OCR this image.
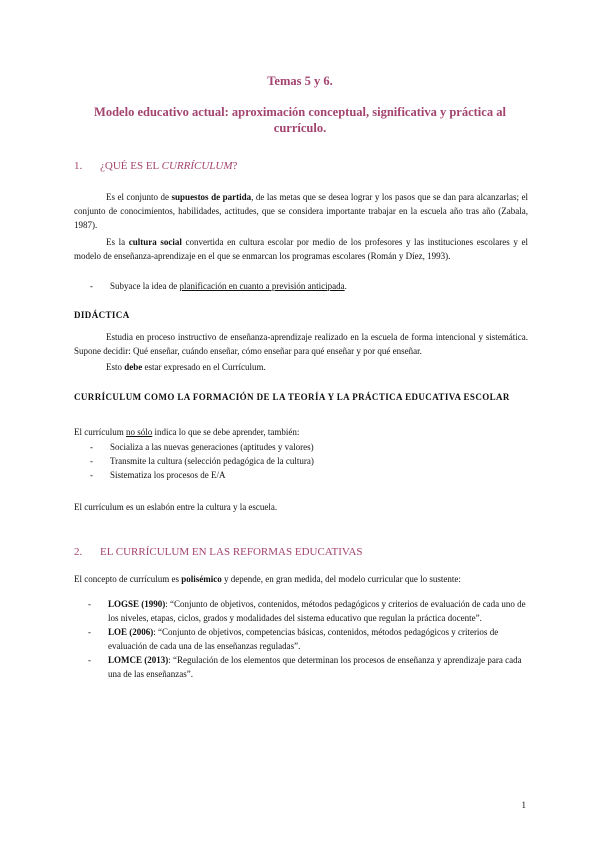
Temas 5 y 6.
Modelo educativo actual: aproximación conceptual, significativa y práctica al currículo.
1. ¿QUÉ ES EL CURRÍCULUM?
Es el conjunto de supuestos de partida, de las metas que se desea lograr y los pasos que se dan para alcanzarlas; el conjunto de conocimientos, habilidades, actitudes, que se considera importante trabajar en la escuela año tras año (Zabala, 1987).
Es la cultura social convertida en cultura escolar por medio de los profesores y las instituciones escolares y el modelo de enseñanza-aprendizaje en el que se enmarcan los programas escolares (Román y Díez, 1993).
- Subyace la idea de planificación en cuanto a previsión anticipada.
DIDÁCTICA
Estudia en proceso instructivo de enseñanza-aprendizaje realizado en la escuela de forma intencional y sistemática. Supone decidir: Qué enseñar, cuándo enseñar, cómo enseñar para qué enseñar y por qué enseñar.
Esto debe estar expresado en el Currículum.
CURRÍCULUM COMO LA FORMACIÓN DE LA TEORÍA Y LA PRÁCTICA EDUCATIVA ESCOLAR
El currículum no sólo indica lo que se debe aprender, también:
- Socializa a las nuevas generaciones (aptitudes y valores)
- Transmite la cultura (selección pedagógica de la cultura)
- Sistematiza los procesos de E/A
El currículum es un eslabón entre la cultura y la escuela.
2. EL CURRÍCULUM EN LAS REFORMAS EDUCATIVAS
El concepto de currículum es polisémico y depende, en gran medida, del modelo curricular que lo sustente:
- LOGSE (1990): “Conjunto de objetivos, contenidos, métodos pedagógicos y criterios de evaluación de cada uno de los niveles, etapas, ciclos, grados y modalidades del sistema educativo que regulan la práctica docente”.
- LOE (2006): “Conjunto de objetivos, competencias básicas, contenidos, métodos pedagógicos y criterios de evaluación de cada una de las enseñanzas reguladas”.
- LOMCE (2013): “Regulación de los elementos que determinan los procesos de enseñanza y aprendizaje para cada una de las enseñanzas”.
1
